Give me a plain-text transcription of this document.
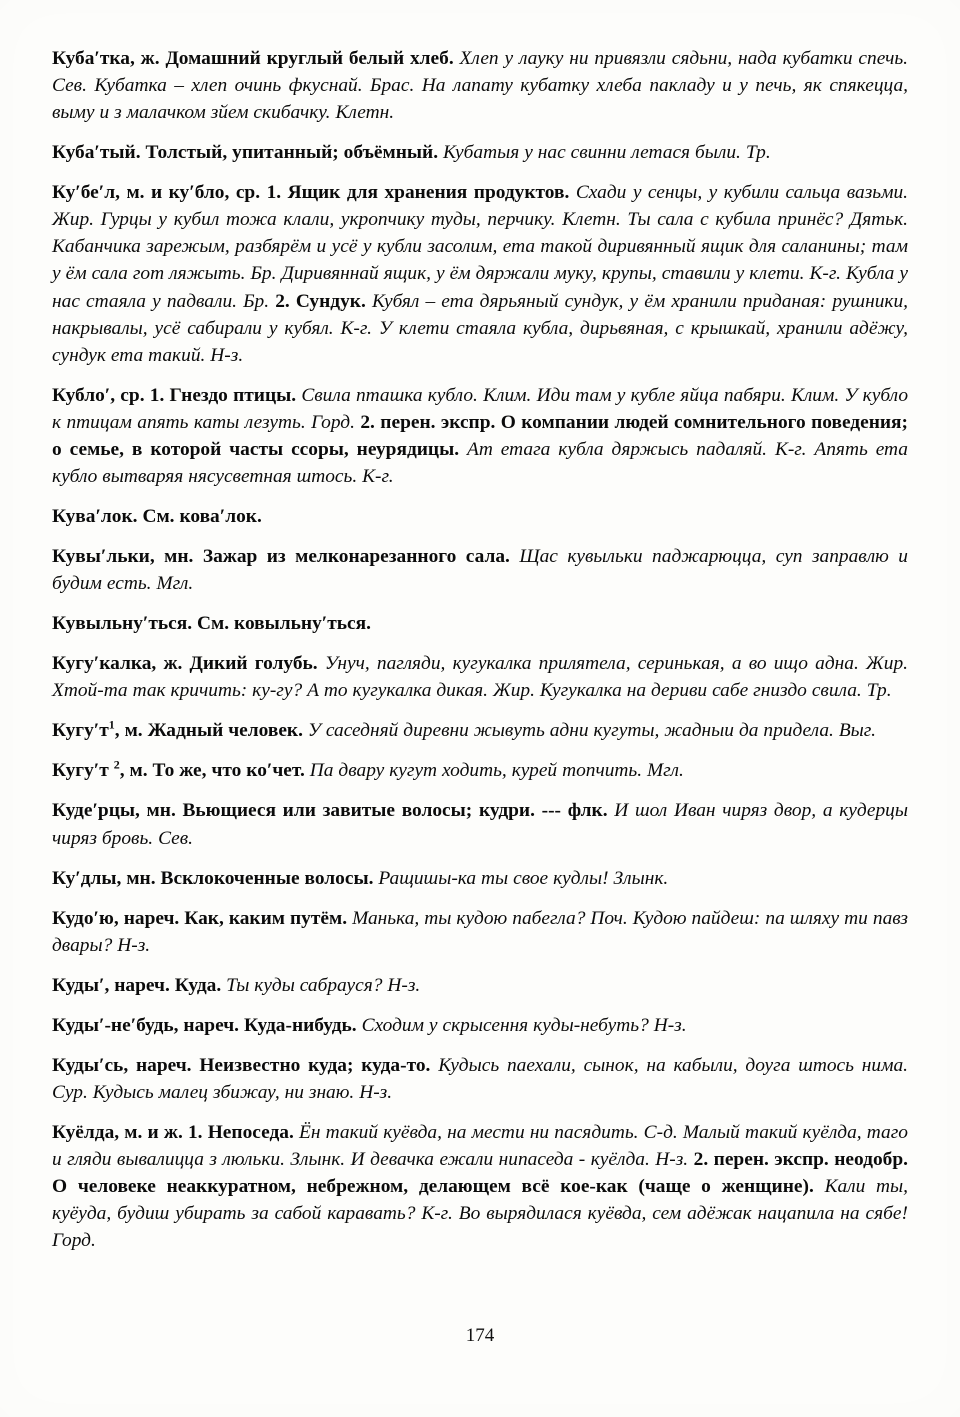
Куба′тка, ж. Домашний круглый белый хлеб. Хлеп у лауку ни привязли сядьни, нада кубатки спечь. Сев. Кубатка – хлеп очинь фкуснай. Брас. На лапату кубатку хлеба пакладу и у печь, як спякецца, выму и з малачком зйем скибачку. Клетн.

Куба′тый. Толстый, упитанный; объёмный. Кубатыя у нас свинни летася были. Тр.

Ку′бе′л, м. и ку′бло, ср. 1. Ящик для хранения продуктов. Схади у сенцы, у кубили сальца вазьми. Жир. Гурцы у кубил тожа клали, укропчику туды, перчику. Клетн. Ты сала с кубила принёс? Дятьк. Кабанчика зарежым, разбярём и усё у кубли засолим, ета такой диривянный ящик для саланины; там у ём сала гот ляжыть. Бр. Диривяннай ящик, у ём дяржали муку, крупы, ставили у клети. К-г. Кубла у нас стаяла у падвали. Бр. 2. Сундук. Кубял – ета дярьяный сундук, у ём хранили приданая: рушники, накрывалы, усё сабирали у кубял. К-г. У клети стаяла кубла, дирьвяная, с крышкай, хранили адёжу, сундук ета такий. Н-з.

Кубло′, ср. 1. Гнездо птицы. Свила пташка кубло. Клим. Иди там у кубле яйца пабяри. Клим. У кубло к птицам апять каты лезуть. Горд. 2. перен. экспр. О компании людей сомнительного поведения; о семье, в которой часты ссоры, неурядицы. Ат етага кубла дяржысь падаляй. К-г. Апять ета кубло вытваряя нясусветная штось. К-г.

Кува′лок. См. кова′лок.

Кувы′льки, мн. Зажар из мелконарезанного сала. Щас кувыльки паджарюцца, суп заправлю и будим есть. Мгл.

Кувыльну′ться. См. ковыльну′ться.

Кугу′калка, ж. Дикий голубь. Унуч, пагляди, кугукалка прилятела, серинькая, а во ищо адна. Жир. Хтой-та так кричить: ку-гу? А то кугукалка дикая. Жир. Кугукалка на дериви сабе гниздо свила. Тр.

$Кугу'т^1$, м. Жадный человек. У саседняй диревни жывуть адни кугуты, жадныи да придела. Выг.

Кугу′т $^2$, м. То же, что ко′чет. Па двару кугут ходить, курей топчить. Мгл.

Куде′рцы, мн. Вьющиеся или завитые волосы; кудри. --- флк. И шол Иван чиряз двор, а кудерцы чиряз бровь. Сев.

Ку′длы, мн. Всклокоченные волосы. Ращишы-ка ты свое кудлы! Злынк.

Кудо′ю, нареч. Как, каким путём. Манька, ты кудою пабегла? Поч. Кудою пайдеш: па шляху ти павз двары? Н-з.

Куды′, нареч. Куда. Ты куды сабрауся? Н-з.

Куды′-не′будь, нареч. Куда-нибудь. Сходим у скрысення куды-небуть? Н-з.

Куды′сь, нареч. Неизвестно куда; куда-то. Кудысь паехали, сынок, на кабыли, доуга штось нима. Сур. Кудысь малец збижау, ни знаю. Н-з.

Куёлда, м. и ж. 1. Непоседа. Ён такий куёвда, на мести ни пасядить. С-д. Малый такий куёлда, таго и гляди вывалицца з люльки. Злынк. И девачка ежали нипаседа - куёлда. Н-з. 2. перен. экспр. неодобр. О человеке неаккуратном, небрежном, делающем всё кое-как (чаще о женщине). Кали ты, куёуда, будиш убирать за сабой каравать? К-г. Во вырядилася куёвда, сем адёжак нацапила на сябе! Горд.

174
